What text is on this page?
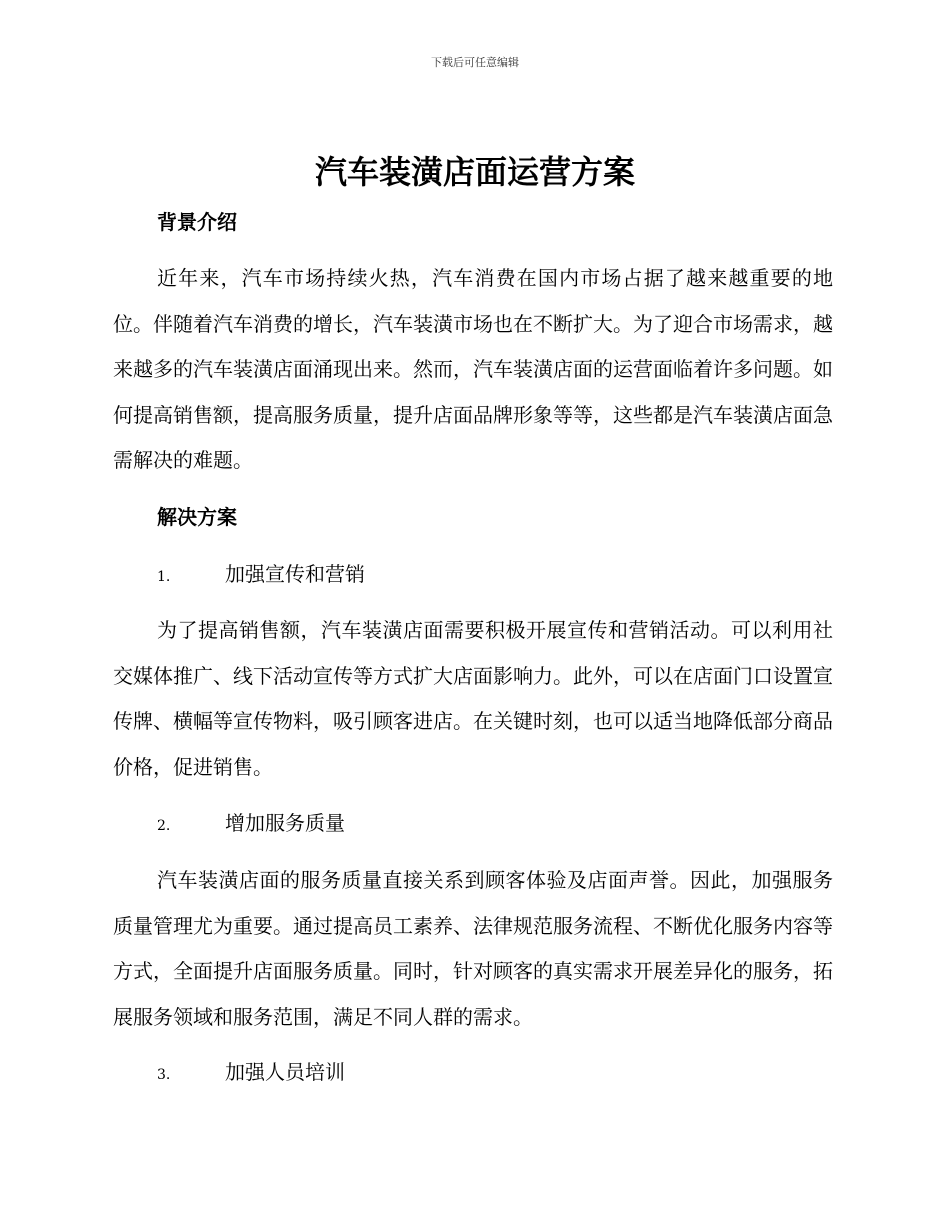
下载后可任意编辑
汽车装潢店面运营方案
背景介绍

近年来，汽车市场持续火热，汽车消费在国内市场占据了越来越重要的地位。伴随着汽车消费的增长，汽车装潢市场也在不断扩大。为了迎合市场需求，越来越多的汽车装潢店面涌现出来。然而，汽车装潢店面的运营面临着许多问题。如何提高销售额，提高服务质量，提升店面品牌形象等等，这些都是汽车装潢店面急需解决的难题。

解决方案
1.	加强宣传和营销

为了提高销售额，汽车装潢店面需要积极开展宣传和营销活动。可以利用社交媒体推广、线下活动宣传等方式扩大店面影响力。此外，可以在店面门口设置宣传牌、横幅等宣传物料，吸引顾客进店。在关键时刻，也可以适当地降低部分商品价格，促进销售。

2.	增加服务质量

汽车装潢店面的服务质量直接关系到顾客体验及店面声誉。因此，加强服务质量管理尤为重要。通过提高员工素养、法律规范服务流程、不断优化服务内容等方式，全面提升店面服务质量。同时，针对顾客的真实需求开展差异化的服务，拓展服务领域和服务范围，满足不同人群的需求。

3.	加强人员培训
